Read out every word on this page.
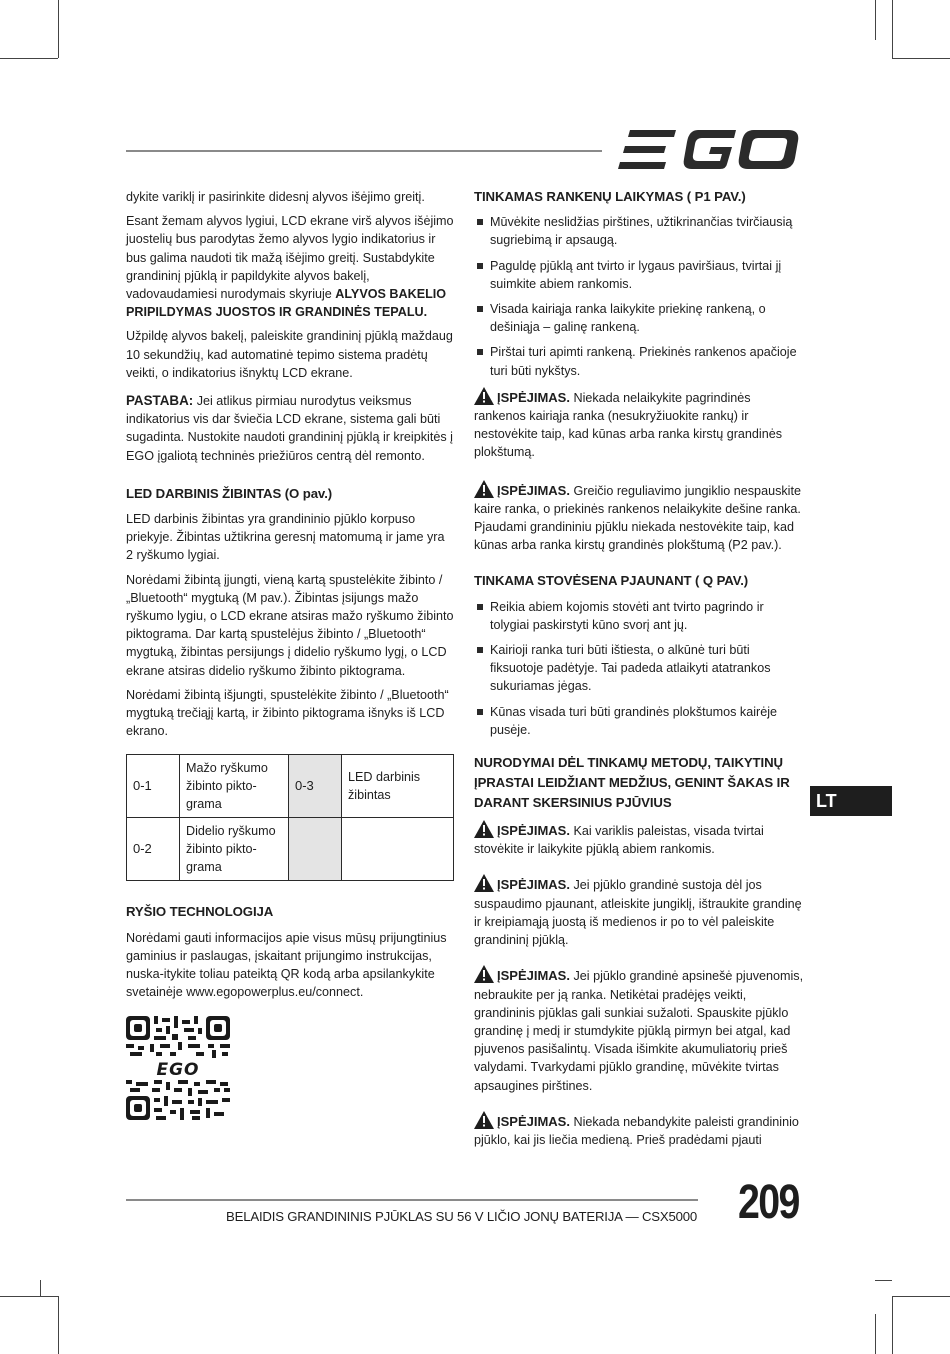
dykite variklį ir pasirinkite didesnį alyvos išėjimo greitį.

Esant žemam alyvos lygiui, LCD ekrane virš alyvos išėjimo juostelių bus parodytas žemo alyvos lygio indikatorius ir bus galima naudoti tik mažą išėjimo greitį. Sustabdykite grandininį pjūklą ir papildykite alyvos bakelį, vadovaudamiesi nurodymais skyriuje ALYVOS BAKELIO PRIPILDYMAS JUOSTOS IR GRANDINĖS TEPALU.

Užpildę alyvos bakelį, paleiskite grandininį pjūklą maždaug 10 sekundžių, kad automatinė tepimo sistema pradėtų veikti, o indikatorius išnyktų LCD ekrane.

PASTABA: Jei atlikus pirmiau nurodytus veiksmus indikatorius vis dar šviečia LCD ekrane, sistema gali būti sugadinta. Nustokite naudoti grandininį pjūklą ir kreipkitės į EGO įgaliotą techninės priežiūros centrą dėl remonto.

LED DARBINIS ŽIBINTAS (O pav.)

LED darbinis žibintas yra grandininio pjūklo korpuso priekyje. Žibintas užtikrina geresnį matomumą ir jame yra 2 ryškumo lygiai.

Norėdami žibintą įjungti, vieną kartą spustelėkite žibinto / „Bluetooth“ mygtuką (M pav.). Žibintas įsijungs mažo ryškumo lygiu, o LCD ekrane atsiras mažo ryškumo žibinto piktograma. Dar kartą spustelėjus žibinto / „Bluetooth“ mygtuką, žibintas persijungs į didelio ryškumo lygį, o LCD ekrane atsiras didelio ryškumo žibinto piktograma.

Norėdami žibintą išjungti, spustelėkite žibinto / „Bluetooth“ mygtuką trečiąjį kartą, ir žibinto piktograma išnyks iš LCD ekrano.

0-1	Mažo ryškumo žibinto pikto-grama	0-3	LED darbinis žibintas
0-2	Didelio ryškumo žibinto pikto-grama		
RYŠIO TECHNOLOGIJA

Norėdami gauti informacijos apie visus mūsų prijungtinius gaminius ir paslaugas, įskaitant prijungimo instrukcijas, nuska-itykite toliau pateiktą QR kodą arba apsilankykite svetainėje www.egopowerplus.eu/connect.

EGO
TINKAMAS RANKENŲ LAIKYMAS ( P1 PAV.)
Mūvėkite neslidžias pirštines, užtikrinančias tvirčiausią sugriebimą ir apsaugą.
Paguldę pjūklą ant tvirto ir lygaus paviršiaus, tvirtai jį suimkite abiem rankomis.
Visada kairiąja ranka laikykite priekinę rankeną, o dešiniąja – galinę rankeną.
Pirštai turi apimti rankeną. Priekinės rankenos apačioje turi būti nykštys.
ĮSPĖJIMAS. Niekada nelaikykite pagrindinės rankenos kairiąja ranka (nesukryžiuokite rankų) ir nestovėkite taip, kad kūnas arba ranka kirstų grandinės plokštumą.
ĮSPĖJIMAS. Greičio reguliavimo jungiklio nespauskite kaire ranka, o priekinės rankenos nelaikykite dešine ranka. Pjaudami grandininiu pjūklu niekada nestovėkite taip, kad kūnas arba ranka kirstų grandinės plokštumą (P2 pav.).
TINKAMA STOVĖSENA PJAUNANT ( Q PAV.)
Reikia abiem kojomis stovėti ant tvirto pagrindo ir tolygiai paskirstyti kūno svorį ant jų.
Kairioji ranka turi būti ištiesta, o alkūnė turi būti fiksuotoje padėtyje. Tai padeda atlaikyti atatrankos sukuriamas jėgas.
Kūnas visada turi būti grandinės plokštumos kairėje pusėje.
NURODYMAI DĖL TINKAMŲ METODŲ, TAIKYTINŲ ĮPRASTAI LEIDŽIANT MEDŽIUS, GENINT ŠAKAS IR DARANT SKERSINIUS PJŪVIUS
ĮSPĖJIMAS. Kai variklis paleistas, visada tvirtai stovėkite ir laikykite pjūklą abiem rankomis.
ĮSPĖJIMAS. Jei pjūklo grandinė sustoja dėl jos suspaudimo pjaunant, atleiskite jungiklį, ištraukite grandinę ir kreipiamąją juostą iš medienos ir po to vėl paleiskite grandininį pjūklą.
ĮSPĖJIMAS. Jei pjūklo grandinė apsinešė pjuvenomis, nebraukite per ją ranka. Netikėtai pradėjęs veikti, grandininis pjūklas gali sunkiai sužaloti. Spauskite pjūklo grandinę į medį ir stumdykite pjūklą pirmyn bei atgal, kad pjuvenos pasišalintų. Visada išimkite akumuliatorių prieš valydami. Tvarkydami pjūklo grandinę, mūvėkite tvirtas apsaugines pirštines.
ĮSPĖJIMAS. Niekada nebandykite paleisti grandininio pjūklo, kai jis liečia medieną. Prieš pradėdami pjauti
LT
BELAIDIS GRANDININIS PJŪKLAS SU 56 V LIČIO JONŲ BATERIJA — CSX5000 209
